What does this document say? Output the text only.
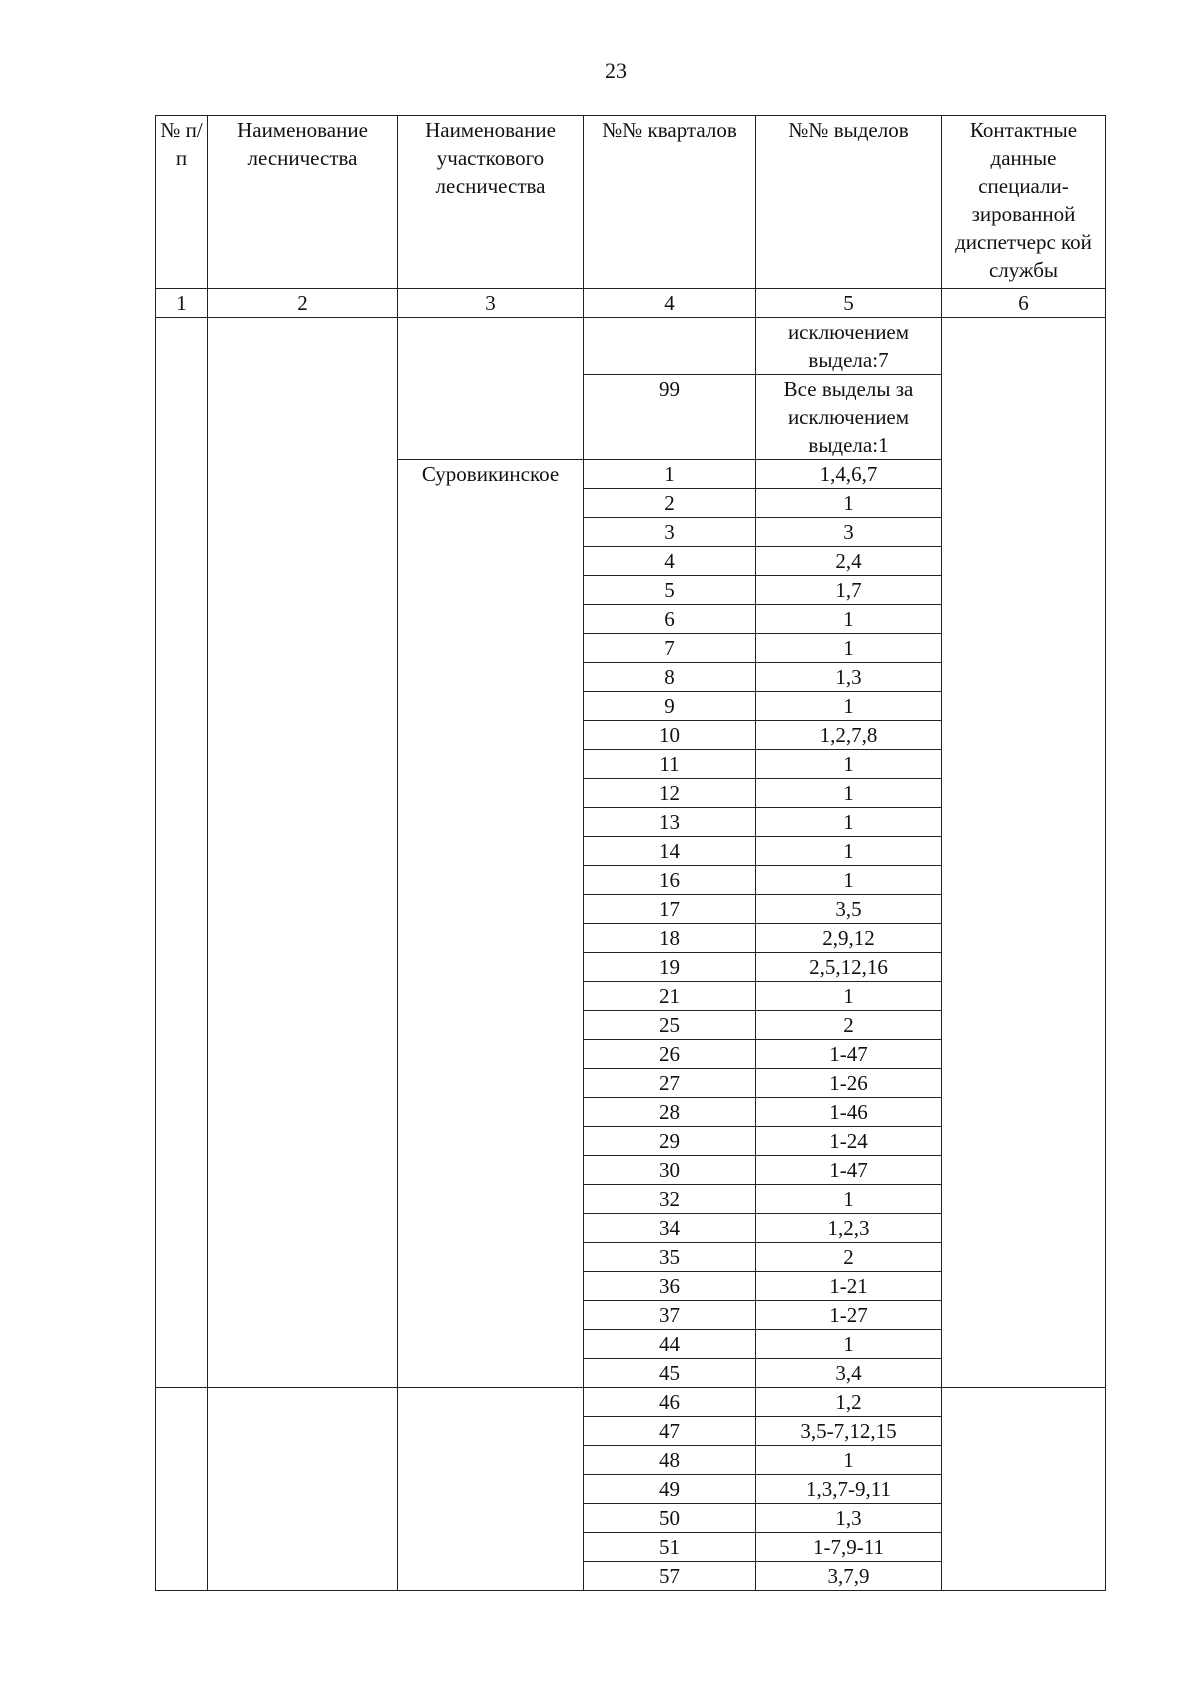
23
№ п/п	Наименование лесничества	Наименование участкового лесничества	№№ кварталов	№№ выделов	Контактные данные специали-зированной диспетчерс кой службы
1	2	3	4	5	6
				исключением выдела:7	
			99	Все выделы за исключением выдела:1	
		Суровикинское	1	1,4,6,7	
			2	1	
			3	3	
			4	2,4	
			5	1,7	
			6	1	
			7	1	
			8	1,3	
			9	1	
			10	1,2,7,8	
			11	1	
			12	1	
			13	1	
			14	1	
			16	1	
			17	3,5	
			18	2,9,12	
			19	2,5,12,16	
			21	1	
			25	2	
			26	1-47	
			27	1-26	
			28	1-46	
			29	1-24	
			30	1-47	
			32	1	
			34	1,2,3	
			35	2	
			36	1-21	
			37	1-27	
			44	1	
			45	3,4	
			46	1,2	
			47	3,5-7,12,15	
			48	1	
			49	1,3,7-9,11	
			50	1,3	
			51	1-7,9-11	
			57	3,7,9	
